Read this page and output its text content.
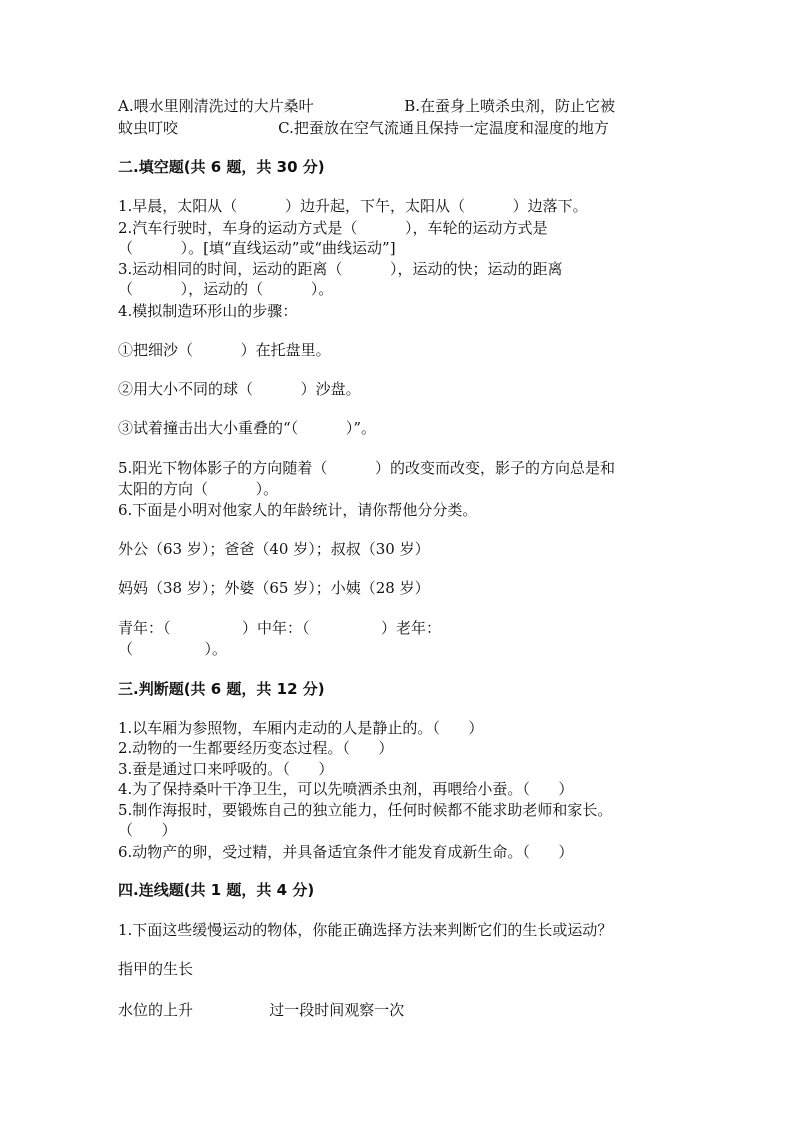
A.喂水里刚清洗过的大片桑叶                   B.在蚕身上喷杀虫剂，防止它被

蚊虫叮咬                     C.把蚕放在空气流通且保持一定温度和湿度的地方

二.填空题(共 6 题，共 30 分)

1.早晨，太阳从（          ）边升起，下午，太阳从（          ）边落下。

2.汽车行驶时，车身的运动方式是（          ），车轮的运动方式是

（          ）。[填“直线运动”或“曲线运动”]

3.运动相同的时间，运动的距离（          ），运动的快；运动的距离

（          ），运动的（          ）。

4.模拟制造环形山的步骤：

①把细沙（          ）在托盘里。

②用大小不同的球（          ）沙盘。

③试着撞击出大小重叠的“（          ）”。

5.阳光下物体影子的方向随着（          ）的改变而改变，影子的方向总是和

太阳的方向（          ）。

6.下面是小明对他家人的年龄统计，请你帮他分分类。

外公（63 岁）；爸爸（40 岁）；叔叔（30 岁）

妈妈（38 岁）；外婆（65 岁）；小姨（28 岁）

青年：（               ）中年：（               ）老年：

（               ）。

三.判断题(共 6 题，共 12 分)

1.以车厢为参照物，车厢内走动的人是静止的。（      ）

2.动物的一生都要经历变态过程。（      ）

3.蚕是通过口来呼吸的。（      ）

4.为了保持桑叶干净卫生，可以先喷洒杀虫剂，再喂给小蚕。（      ）

5.制作海报时，要锻炼自己的独立能力，任何时候都不能求助老师和家长。

（      ）

6.动物产的卵，受过精，并具备适宜条件才能发育成新生命。（      ）

四.连线题(共 1 题，共 4 分)

1.下面这些缓慢运动的物体，你能正确选择方法来判断它们的生长或运动？

指甲的生长

水位的上升                过一段时间观察一次
